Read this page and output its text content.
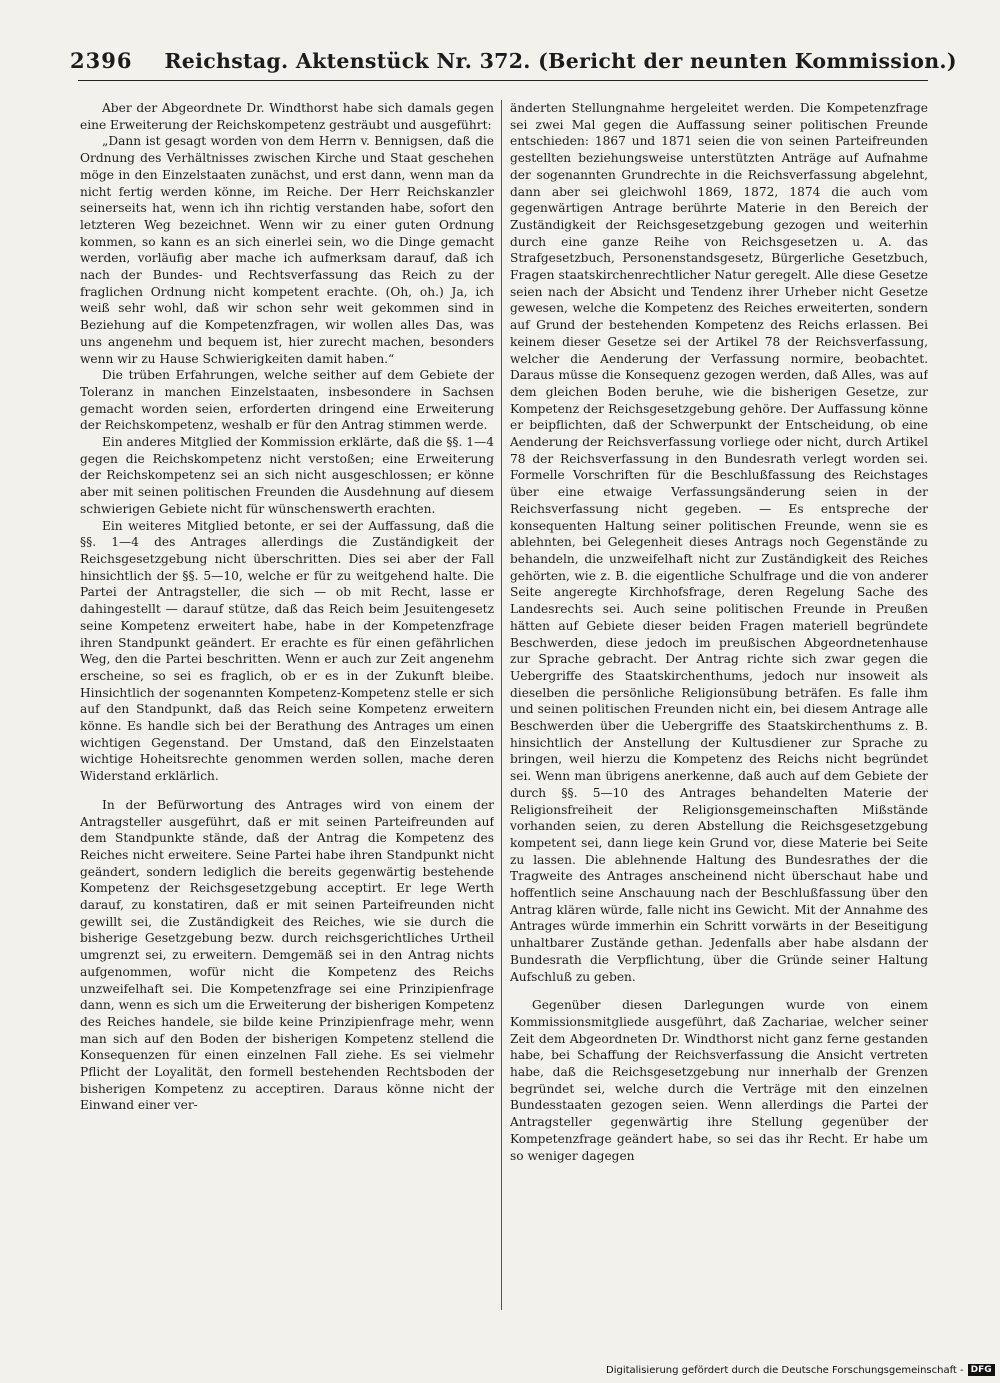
2396 Reichstag. Aktenstück Nr. 372. (Bericht der neunten Kommission.)

Aber der Abgeordnete Dr. Windthorst habe sich damals gegen eine Erweiterung der Reichskompetenz gesträubt und ausgeführt:

„Dann ist gesagt worden von dem Herrn v. Bennigsen, daß die Ordnung des Verhältnisses zwischen Kirche und Staat geschehen möge in den Einzelstaaten zunächst, und erst dann, wenn man da nicht fertig werden könne, im Reiche. Der Herr Reichskanzler seinerseits hat, wenn ich ihn richtig verstanden habe, sofort den letzteren Weg bezeichnet. Wenn wir zu einer guten Ordnung kommen, so kann es an sich einerlei sein, wo die Dinge gemacht werden, vorläufig aber mache ich aufmerksam darauf, daß ich nach der Bundes- und Rechtsverfassung das Reich zu der fraglichen Ordnung nicht kompetent erachte. (Oh, oh.) Ja, ich weiß sehr wohl, daß wir schon sehr weit gekommen sind in Beziehung auf die Kompetenzfragen, wir wollen alles Das, was uns angenehm und bequem ist, hier zurecht machen, besonders wenn wir zu Hause Schwierigkeiten damit haben.“

Die trüben Erfahrungen, welche seither auf dem Gebiete der Toleranz in manchen Einzelstaaten, insbesondere in Sachsen gemacht worden seien, erforderten dringend eine Erweiterung der Reichskompetenz, weshalb er für den Antrag stimmen werde.

Ein anderes Mitglied der Kommission erklärte, daß die §§. 1—4 gegen die Reichskompetenz nicht verstoßen; eine Erweiterung der Reichskompetenz sei an sich nicht ausgeschlossen; er könne aber mit seinen politischen Freunden die Ausdehnung auf diesem schwierigen Gebiete nicht für wünschenswerth erachten.

Ein weiteres Mitglied betonte, er sei der Auffassung, daß die §§. 1—4 des Antrages allerdings die Zuständigkeit der Reichsgesetzgebung nicht überschritten. Dies sei aber der Fall hinsichtlich der §§. 5—10, welche er für zu weitgehend halte. Die Partei der Antragsteller, die sich — ob mit Recht, lasse er dahingestellt — darauf stütze, daß das Reich beim Jesuitengesetz seine Kompetenz erweitert habe, habe in der Kompetenzfrage ihren Standpunkt geändert. Er erachte es für einen gefährlichen Weg, den die Partei beschritten. Wenn er auch zur Zeit angenehm erscheine, so sei es fraglich, ob er es in der Zukunft bleibe. Hinsichtlich der sogenannten Kompetenz-Kompetenz stelle er sich auf den Standpunkt, daß das Reich seine Kompetenz erweitern könne. Es handle sich bei der Berathung des Antrages um einen wichtigen Gegenstand. Der Umstand, daß den Einzelstaaten wichtige Hoheitsrechte genommen werden sollen, mache deren Widerstand erklärlich.

In der Befürwortung des Antrages wird von einem der Antragsteller ausgeführt, daß er mit seinen Parteifreunden auf dem Standpunkte stände, daß der Antrag die Kompetenz des Reiches nicht erweitere. Seine Partei habe ihren Standpunkt nicht geändert, sondern lediglich die bereits gegenwärtig bestehende Kompetenz der Reichsgesetzgebung acceptirt. Er lege Werth darauf, zu konstatiren, daß er mit seinen Parteifreunden nicht gewillt sei, die Zuständigkeit des Reiches, wie sie durch die bisherige Gesetzgebung bezw. durch reichsgerichtliches Urtheil umgrenzt sei, zu erweitern. Demgemäß sei in den Antrag nichts aufgenommen, wofür nicht die Kompetenz des Reichs unzweifelhaft sei. Die Kompetenzfrage sei eine Prinzipienfrage dann, wenn es sich um die Erweiterung der bisherigen Kompetenz des Reiches handele, sie bilde keine Prinzipienfrage mehr, wenn man sich auf den Boden der bisherigen Kompetenz stellend die Konsequenzen für einen einzelnen Fall ziehe. Es sei vielmehr Pflicht der Loyalität, den formell bestehenden Rechtsboden der bisherigen Kompetenz zu acceptiren. Daraus könne nicht der Einwand einer ver-

änderten Stellungnahme hergeleitet werden. Die Kompetenzfrage sei zwei Mal gegen die Auffassung seiner politischen Freunde entschieden: 1867 und 1871 seien die von seinen Parteifreunden gestellten beziehungsweise unterstützten Anträge auf Aufnahme der sogenannten Grundrechte in die Reichsverfassung abgelehnt, dann aber sei gleichwohl 1869, 1872, 1874 die auch vom gegenwärtigen Antrage berührte Materie in den Bereich der Zuständigkeit der Reichsgesetzgebung gezogen und weiterhin durch eine ganze Reihe von Reichsgesetzen u. A. das Strafgesetzbuch, Personenstandsgesetz, Bürgerliche Gesetzbuch, Fragen staatskirchenrechtlicher Natur geregelt. Alle diese Gesetze seien nach der Absicht und Tendenz ihrer Urheber nicht Gesetze gewesen, welche die Kompetenz des Reiches erweiterten, sondern auf Grund der bestehenden Kompetenz des Reichs erlassen. Bei keinem dieser Gesetze sei der Artikel 78 der Reichsverfassung, welcher die Aenderung der Verfassung normire, beobachtet. Daraus müsse die Konsequenz gezogen werden, daß Alles, was auf dem gleichen Boden beruhe, wie die bisherigen Gesetze, zur Kompetenz der Reichsgesetzgebung gehöre. Der Auffassung könne er beipflichten, daß der Schwerpunkt der Entscheidung, ob eine Aenderung der Reichsverfassung vorliege oder nicht, durch Artikel 78 der Reichsverfassung in den Bundesrath verlegt worden sei. Formelle Vorschriften für die Beschlußfassung des Reichstages über eine etwaige Verfassungsänderung seien in der Reichsverfassung nicht gegeben. — Es entspreche der konsequenten Haltung seiner politischen Freunde, wenn sie es ablehnten, bei Gelegenheit dieses Antrags noch Gegenstände zu behandeln, die unzweifelhaft nicht zur Zuständigkeit des Reiches gehörten, wie z. B. die eigentliche Schulfrage und die von anderer Seite angeregte Kirchhofsfrage, deren Regelung Sache des Landesrechts sei. Auch seine politischen Freunde in Preußen hätten auf Gebiete dieser beiden Fragen materiell begründete Beschwerden, diese jedoch im preußischen Abgeordnetenhause zur Sprache gebracht. Der Antrag richte sich zwar gegen die Uebergriffe des Staatskirchenthums, jedoch nur insoweit als dieselben die persönliche Religionsübung beträfen. Es falle ihm und seinen politischen Freunden nicht ein, bei diesem Antrage alle Beschwerden über die Uebergriffe des Staatskirchenthums z. B. hinsichtlich der Anstellung der Kultusdiener zur Sprache zu bringen, weil hierzu die Kompetenz des Reichs nicht begründet sei. Wenn man übrigens anerkenne, daß auch auf dem Gebiete der durch §§. 5—10 des Antrages behandelten Materie der Religionsfreiheit der Religionsgemeinschaften Mißstände vorhanden seien, zu deren Abstellung die Reichsgesetzgebung kompetent sei, dann liege kein Grund vor, diese Materie bei Seite zu lassen. Die ablehnende Haltung des Bundesrathes der die Tragweite des Antrages anscheinend nicht überschaut habe und hoffentlich seine Anschauung nach der Beschlußfassung über den Antrag klären würde, falle nicht ins Gewicht. Mit der Annahme des Antrages würde immerhin ein Schritt vorwärts in der Beseitigung unhaltbarer Zustände gethan. Jedenfalls aber habe alsdann der Bundesrath die Verpflichtung, über die Gründe seiner Haltung Aufschluß zu geben.

Gegenüber diesen Darlegungen wurde von einem Kommissionsmitgliede ausgeführt, daß Zachariae, welcher seiner Zeit dem Abgeordneten Dr. Windthorst nicht ganz ferne gestanden habe, bei Schaffung der Reichsverfassung die Ansicht vertreten habe, daß die Reichsgesetzgebung nur innerhalb der Grenzen begründet sei, welche durch die Verträge mit den einzelnen Bundesstaaten gezogen seien. Wenn allerdings die Partei der Antragsteller gegenwärtig ihre Stellung gegenüber der Kompetenzfrage geändert habe, so sei das ihr Recht. Er habe um so weniger dagegen

Digitalisierung gefördert durch die Deutsche Forschungsgemeinschaft - DFG
